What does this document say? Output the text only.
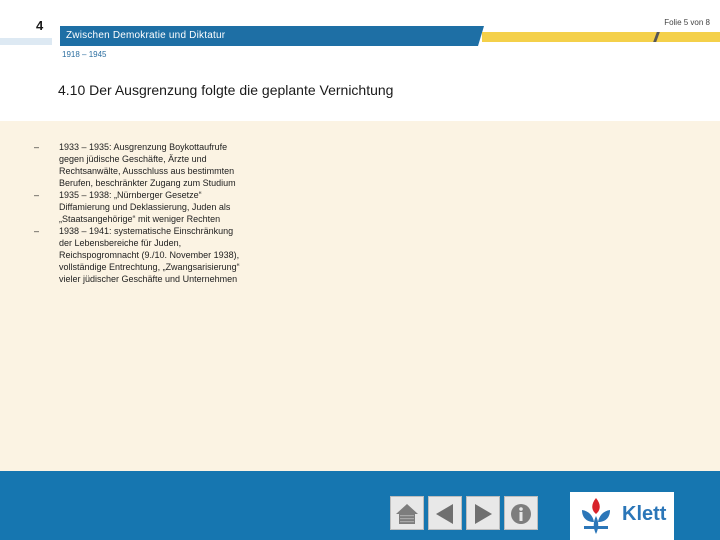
4
Zwischen Demokratie und Diktatur
Folie 5 von 8
1918 – 1945
4.10 Der Ausgrenzung folgte die geplante Vernichtung
–	1933 – 1935: Ausgrenzung Boykottaufrufe gegen jüdische Geschäfte, Ärzte und Rechtsanwälte, Ausschluss aus bestimmten Berufen, beschränkter Zugang zum Studium
–	1935 – 1938: „Nürnberger Gesetze“ Diffamierung und Deklassierung, Juden als „Staatsangehörige“ mit weniger Rechten
–	1938 – 1941: systematische Einschränkung der Lebensbereiche für Juden, Reichspogromnacht (9./10. November 1938), vollständige Entrechtung, „Zwangsarisierung“ vieler jüdischer Geschäfte und Unternehmen
Klett
